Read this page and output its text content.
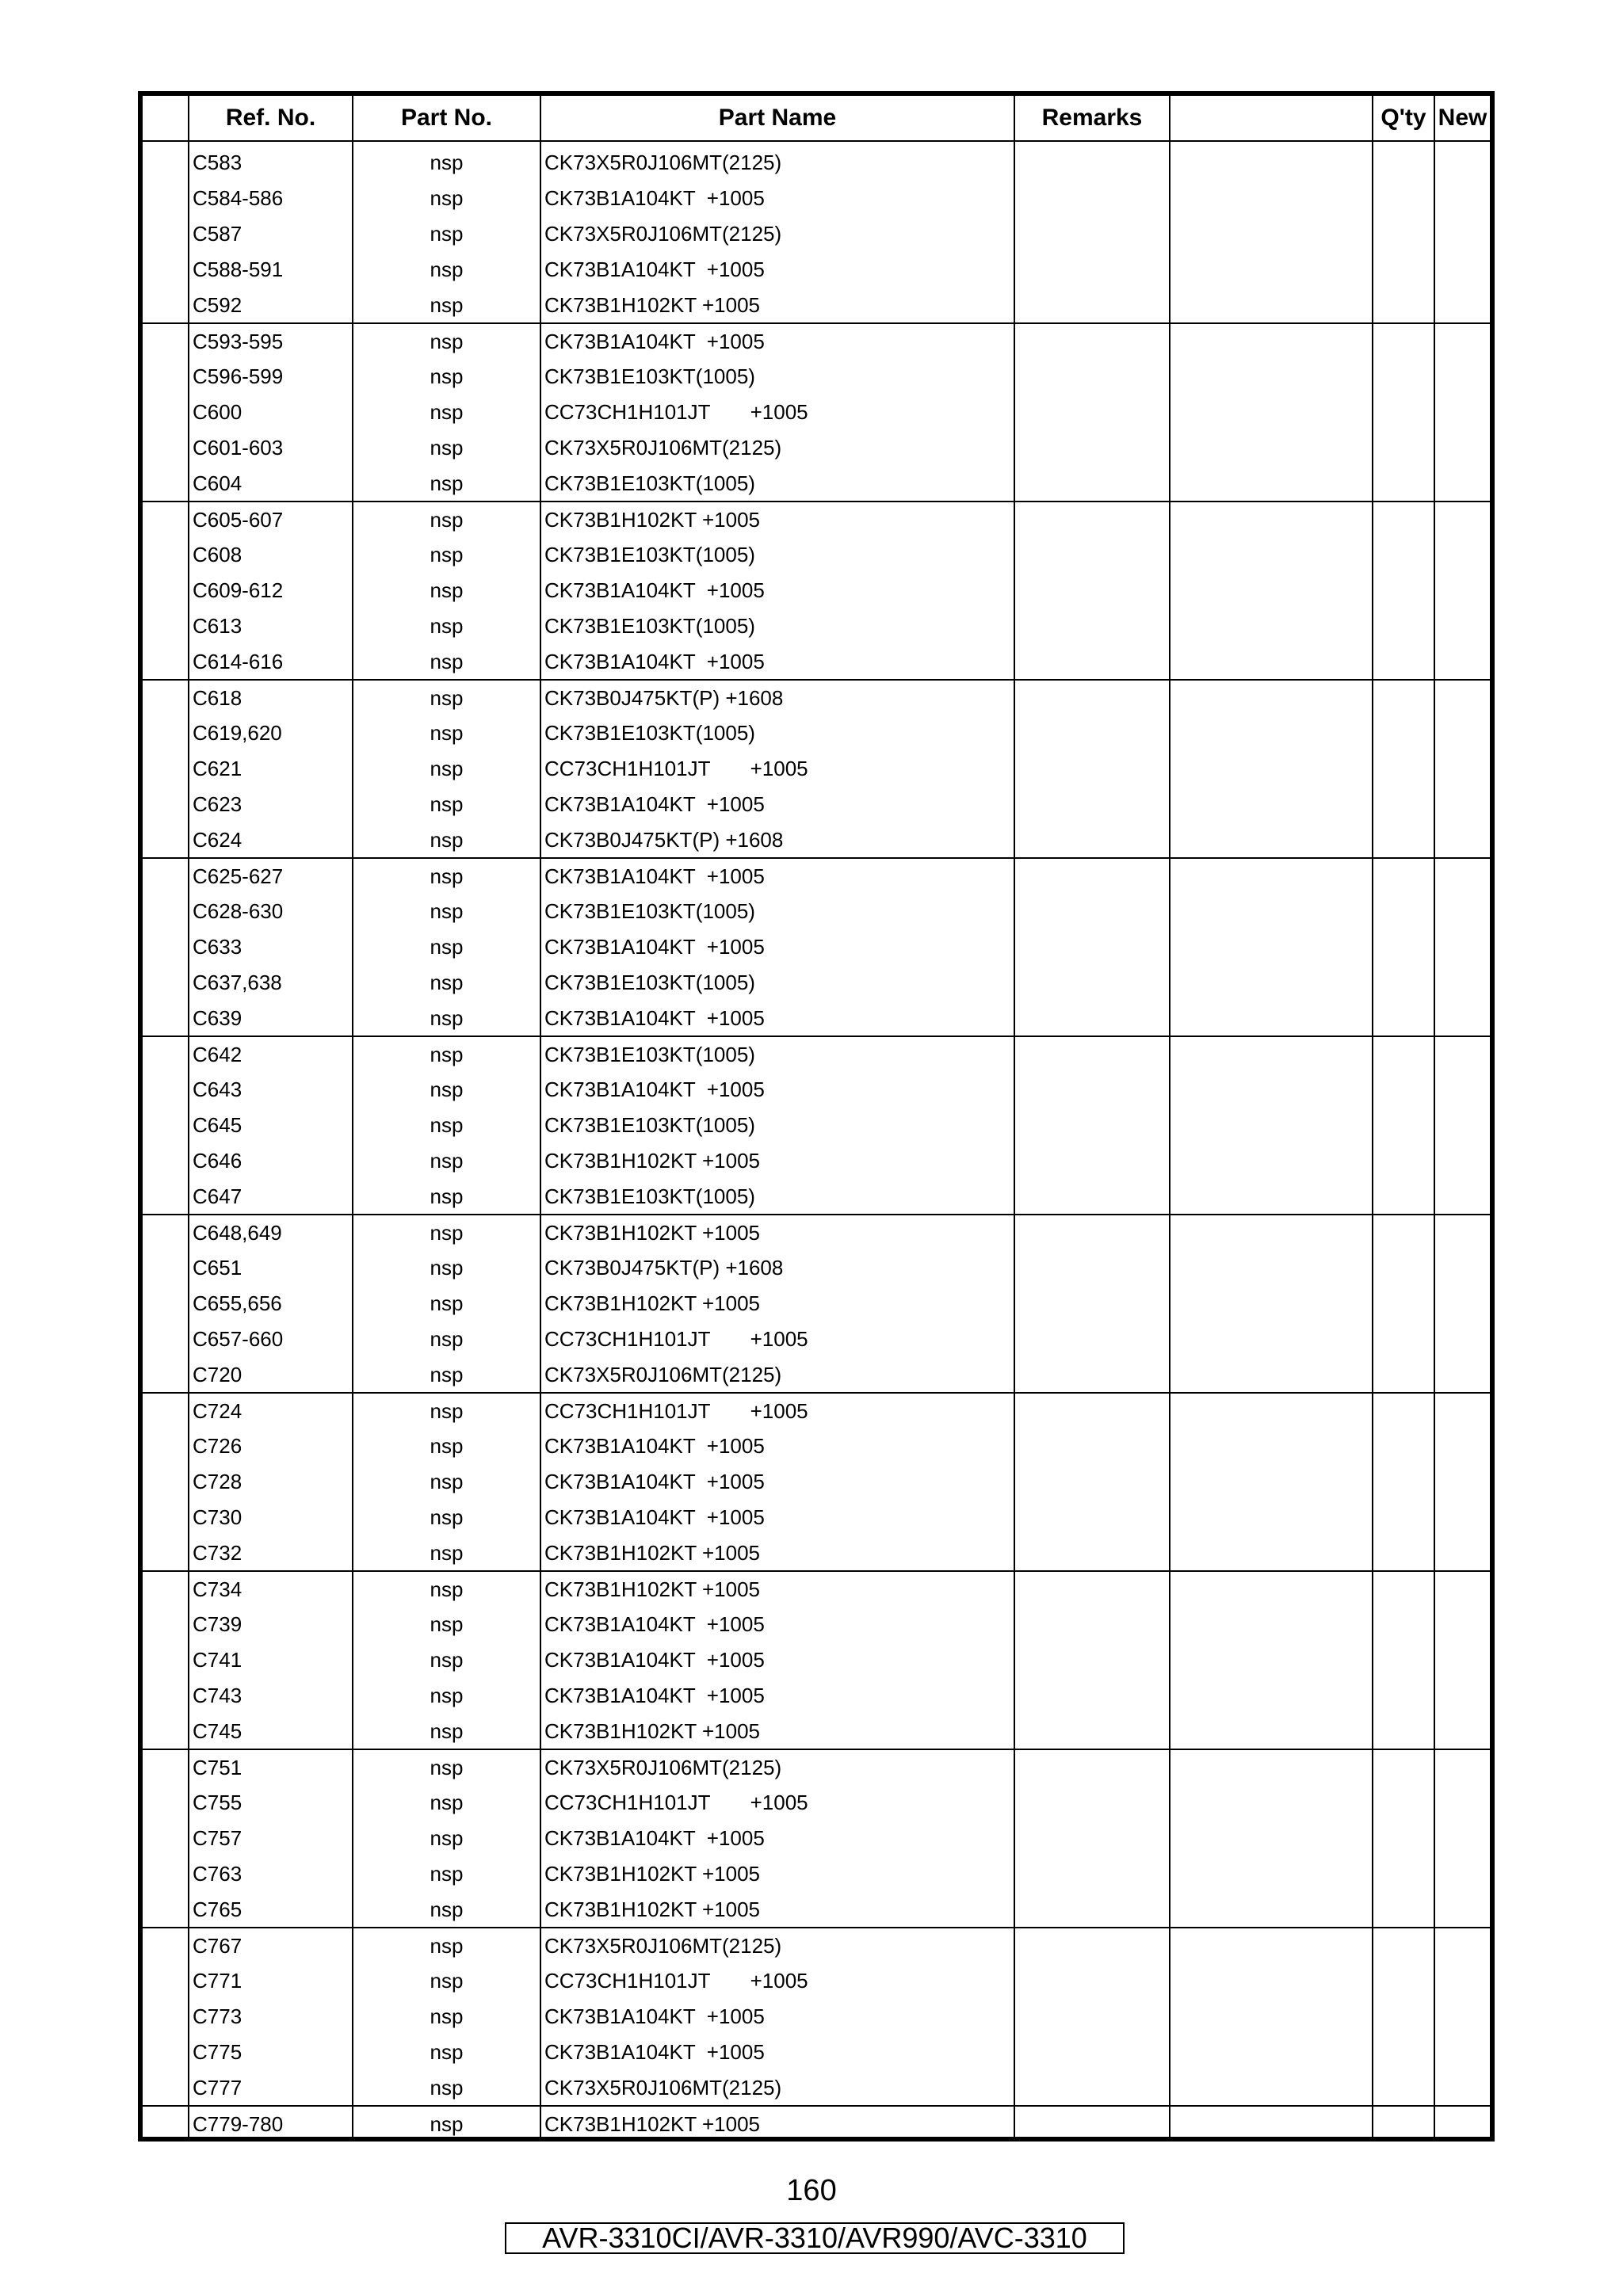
	Ref. No.	Part No.	Part Name	Remarks		Q'ty	New

	C583	nsp	CK73X5R0J106MT(2125)				
	C584-586	nsp	CK73B1A104KT  +1005				
	C587	nsp	CK73X5R0J106MT(2125)				
	C588-591	nsp	CK73B1A104KT  +1005				
	C592	nsp	CK73B1H102KT +1005				
	C593-595	nsp	CK73B1A104KT  +1005				
	C596-599	nsp	CK73B1E103KT(1005)				
	C600	nsp	CC73CH1H101JT       +1005				
	C601-603	nsp	CK73X5R0J106MT(2125)				
	C604	nsp	CK73B1E103KT(1005)				
	C605-607	nsp	CK73B1H102KT +1005				
	C608	nsp	CK73B1E103KT(1005)				
	C609-612	nsp	CK73B1A104KT  +1005				
	C613	nsp	CK73B1E103KT(1005)				
	C614-616	nsp	CK73B1A104KT  +1005				
	C618	nsp	CK73B0J475KT(P) +1608				
	C619,620	nsp	CK73B1E103KT(1005)				
	C621	nsp	CC73CH1H101JT       +1005				
	C623	nsp	CK73B1A104KT  +1005				
	C624	nsp	CK73B0J475KT(P) +1608				
	C625-627	nsp	CK73B1A104KT  +1005				
	C628-630	nsp	CK73B1E103KT(1005)				
	C633	nsp	CK73B1A104KT  +1005				
	C637,638	nsp	CK73B1E103KT(1005)				
	C639	nsp	CK73B1A104KT  +1005				
	C642	nsp	CK73B1E103KT(1005)				
	C643	nsp	CK73B1A104KT  +1005				
	C645	nsp	CK73B1E103KT(1005)				
	C646	nsp	CK73B1H102KT +1005				
	C647	nsp	CK73B1E103KT(1005)				
	C648,649	nsp	CK73B1H102KT +1005				
	C651	nsp	CK73B0J475KT(P) +1608				
	C655,656	nsp	CK73B1H102KT +1005				
	C657-660	nsp	CC73CH1H101JT       +1005				
	C720	nsp	CK73X5R0J106MT(2125)				
	C724	nsp	CC73CH1H101JT       +1005				
	C726	nsp	CK73B1A104KT  +1005				
	C728	nsp	CK73B1A104KT  +1005				
	C730	nsp	CK73B1A104KT  +1005				
	C732	nsp	CK73B1H102KT +1005				
	C734	nsp	CK73B1H102KT +1005				
	C739	nsp	CK73B1A104KT  +1005				
	C741	nsp	CK73B1A104KT  +1005				
	C743	nsp	CK73B1A104KT  +1005				
	C745	nsp	CK73B1H102KT +1005				
	C751	nsp	CK73X5R0J106MT(2125)				
	C755	nsp	CC73CH1H101JT       +1005				
	C757	nsp	CK73B1A104KT  +1005				
	C763	nsp	CK73B1H102KT +1005				
	C765	nsp	CK73B1H102KT +1005				
	C767	nsp	CK73X5R0J106MT(2125)				
	C771	nsp	CC73CH1H101JT       +1005				
	C773	nsp	CK73B1A104KT  +1005				
	C775	nsp	CK73B1A104KT  +1005				
	C777	nsp	CK73X5R0J106MT(2125)				
	C779-780	nsp	CK73B1H102KT +1005				
160
AVR-3310CI/AVR-3310/AVR990/AVC-3310
